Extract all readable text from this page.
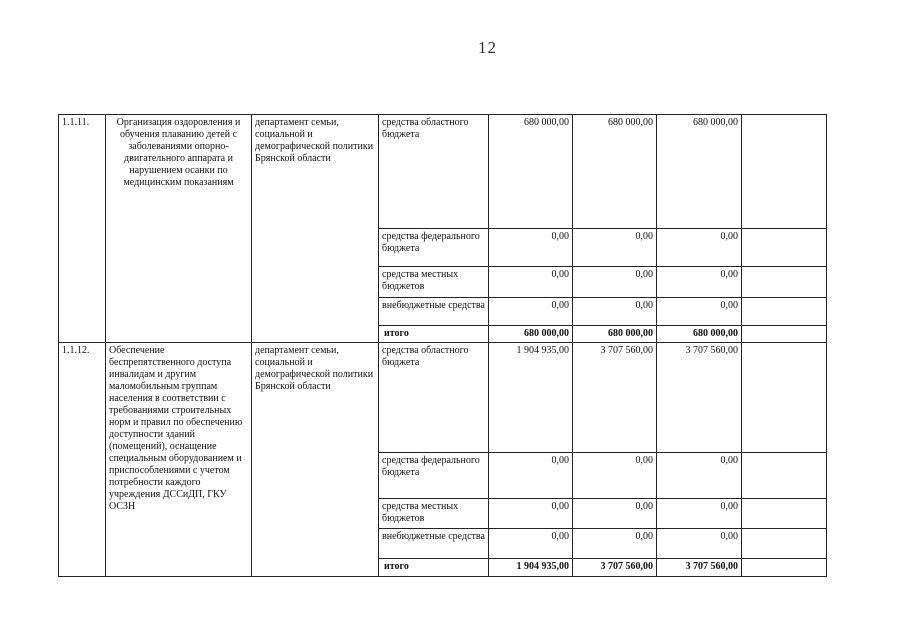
12
1.1.11.	Организация оздоровления и обучения плаванию детей с заболеваниями опорно-двигательного аппарата и нарушением осанки по медицинским показаниям	департамент семьи, социальной и демографической политики Брянской области	средства областного бюджета	680 000,00	680 000,00	680 000,00	
			средства федерального бюджета	0,00	0,00	0,00	
			средства местных бюджетов	0,00	0,00	0,00	
			внебюджетные средства	0,00	0,00	0,00	
			итого	680 000,00	680 000,00	680 000,00	
1.1.12.	Обеспечение беспрепятственного доступа инвалидам и другим маломобильным группам населения в соответствии с требованиями строительных норм и правил по обеспечению доступности зданий (помещений), оснащение специальным оборудованием и приспособлениями с учетом потребности каждого учреждения ДССиДП, ГКУ ОСЗН	департамент семьи, социальной и демографической политики Брянской области	средства областного бюджета	1 904 935,00	3 707 560,00	3 707 560,00	
			средства федерального бюджета	0,00	0,00	0,00	
			средства местных бюджетов	0,00	0,00	0,00	
			внебюджетные средства	0,00	0,00	0,00	
			итого	1 904 935,00	3 707 560,00	3 707 560,00	
